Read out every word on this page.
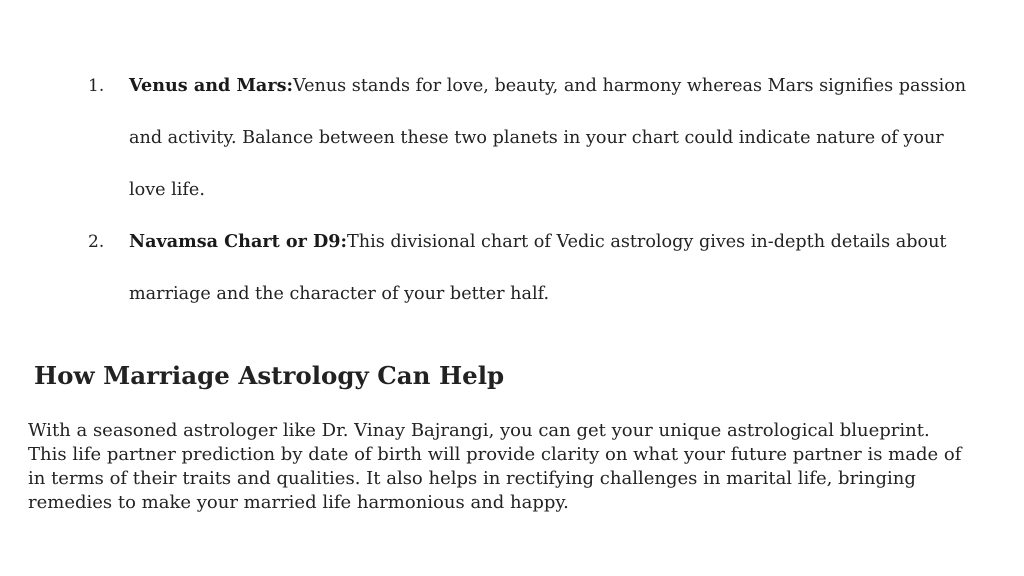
1. Venus and Mars:Venus stands for love, beauty, and harmony whereas Mars signifies passion and activity. Balance between these two planets in your chart could indicate nature of your love life.
2. Navamsa Chart or D9:This divisional chart of Vedic astrology gives in-depth details about marriage and the character of your better half.
How Marriage Astrology Can Help

With a seasoned astrologer like Dr. Vinay Bajrangi, you can get your unique astrological blueprint. This life partner prediction by date of birth will provide clarity on what your future partner is made of in terms of their traits and qualities. It also helps in rectifying challenges in marital life, bringing remedies to make your married life harmonious and happy.
